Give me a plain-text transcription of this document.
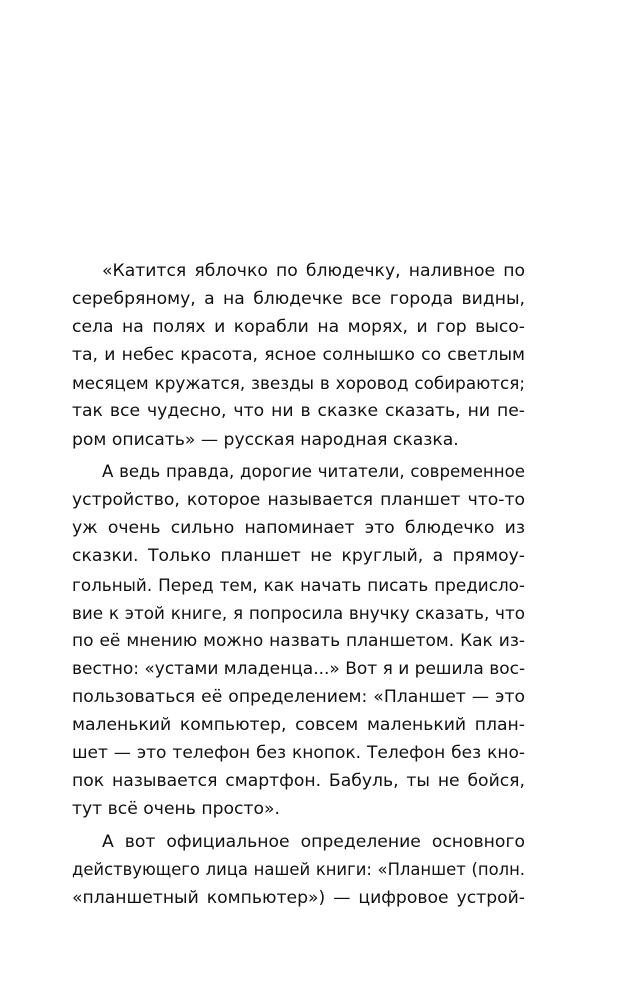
«Катится яблочко по блюдечку, наливное по
серебряному, а на блюдечке все города видны,
села на полях и корабли на морях, и гор высо-
та, и небес красота, ясное солнышко со светлым
месяцем кружатся, звезды в хоровод собираются;
так все чудесно, что ни в сказке сказать, ни пе-
ром описать» — русская народная сказка.

А ведь правда, дорогие читатели, современное
устройство, которое называется планшет что-то
уж очень сильно напоминает это блюдечко из
сказки. Только планшет не круглый, а прямоу-
гольный. Перед тем, как начать писать предисло-
вие к этой книге, я попросила внучку сказать, что
по её мнению можно назвать планшетом. Как из-
вестно: «устами младенца...» Вот я и решила вос-
пользоваться её определением: «Планшет — это
маленький компьютер, совсем маленький план-
шет — это телефон без кнопок. Телефон без кно-
пок называется смартфон. Бабуль, ты не бойся,
тут всё очень просто».

А вот официальное определение основного
действующего лица нашей книги: «Планшет (полн.
«планшетный компьютер») — цифровое устрой-
